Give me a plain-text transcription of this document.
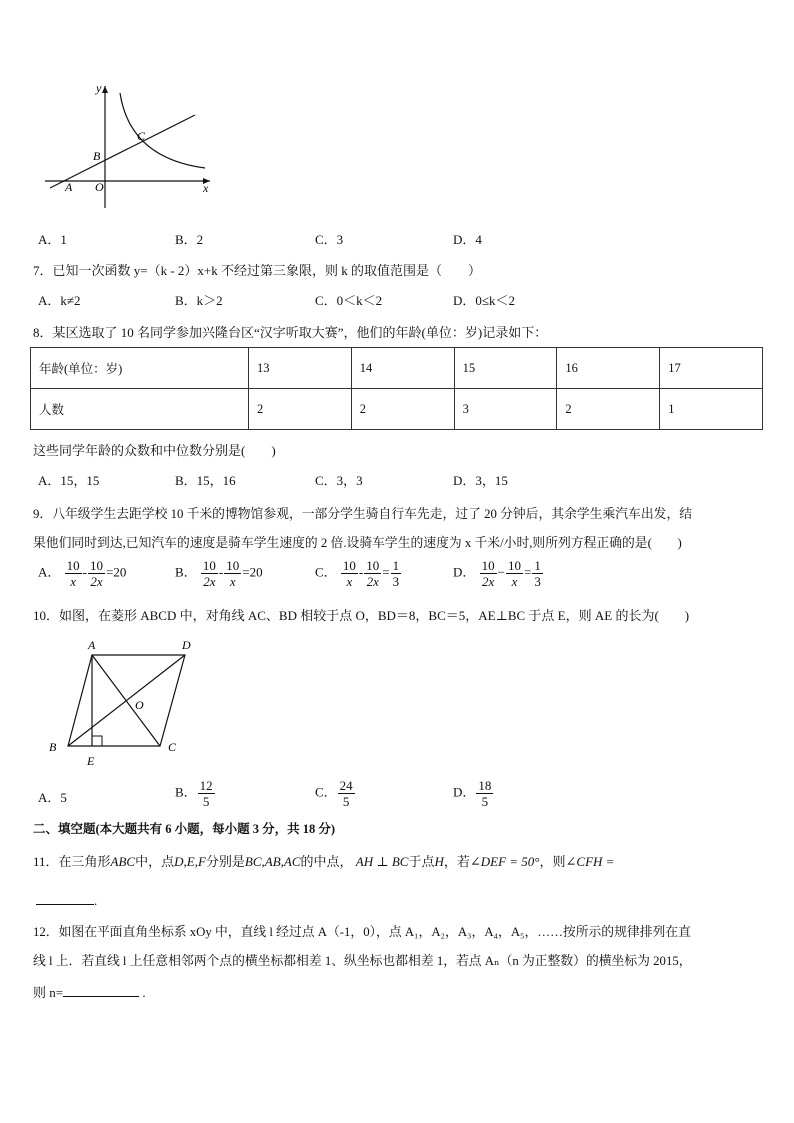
y
x
A
B
C
O
A．1	B．2	C．3	D．4
7．已知一次函数 y=（k - 2）x+k 不经过第三象限，则 k 的取值范围是（　　）
A．k≠2	B．k＞2	C．0＜k＜2	D．0≤k＜2
8．某区选取了 10 名同学参加兴隆台区“汉字听取大赛”，他们的年龄(单位：岁)记录如下：
年龄(单位：岁)	13	14	15	16	17
人数	2	2	3	2	1
这些同学年龄的众数和中位数分别是(　　)
A．15，15	B．15，16	C．3，3	D．3，15
9．八年级学生去距学校 10 千米的博物馆参观，一部分学生骑自行车先走，过了 20 分钟后，其余学生乘汽车出发，结
果他们同时到达,已知汽车的速度是骑车学生速度的 2 倍.设骑车学生的速度为 x 千米/小时,则所列方程正确的是(　　)
A． $\frac{10}{x} - \frac{10}{2x} =20$	B． $\frac{10}{2x} - \frac{10}{x} =20$	C． $\frac{10}{x} - \frac{10}{2x} = \frac{1}{3}$	D． $\frac{10}{2x} - \frac{10}{x} = \frac{1}{3}$
10．如图，在菱形 ABCD 中，对角线 AC、BD 相较于点 O，BD＝8，BC＝5，AE⊥BC 于点 E，则 AE 的长为(　　)
A	D
B	C
O
E
A．5	B． $\frac{12}{5}$	C． $\frac{24}{5}$	D． $\frac{18}{5}$
二、填空题(本大题共有 6 小题，每小题 3 分，共 18 分)
11．在三角形ABC中，点D,E,F分别是BC,AB,AC的中点， AH ⊥ BC于点H，若∠DEF = 50°，则∠CFH =
.
12．如图在平面直角坐标系 xOy 中，直线 l 经过点 A（-1，0），点 A₁，A₂，A₃，A₄，A₅，……按所示的规律排列在直
线 l 上．若直线 l 上任意相邻两个点的横坐标都相差 1、纵坐标也都相差 1，若点 Aₙ（n 为正整数）的横坐标为 2015，
则 n=	.
